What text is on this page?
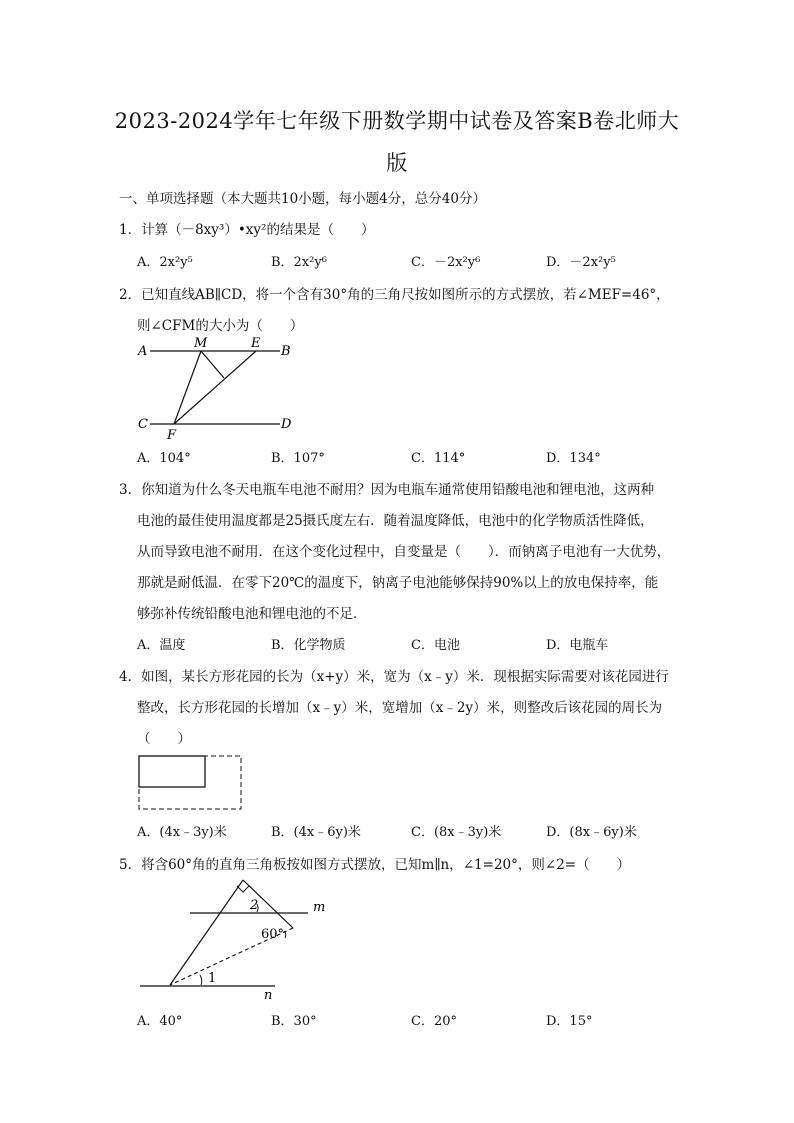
2023-2024学年七年级下册数学期中试卷及答案B卷北师大
版
一、单项选择题（本大题共10小题，每小题4分，总分40分）
1．计算（－8xy³）•xy²的结果是（　　）
A．2x²y⁵	B．2x²y⁶	C．－2x²y⁶	D．－2x²y⁵
2．已知直线AB∥CD，将一个含有30°角的三角尺按如图所示的方式摆放，若∠MEF=46°，
则∠CFM的大小为（　　）
A
M	E
B
C
F
D
A．104°	B．107°	C．114°	D．134°
3．你知道为什么冬天电瓶车电池不耐用？因为电瓶车通常使用铅酸电池和锂电池，这两种
电池的最佳使用温度都是25摄氏度左右．随着温度降低，电池中的化学物质活性降低，
从而导致电池不耐用．在这个变化过程中，自变量是（　　）．而钠离子电池有一大优势，
那就是耐低温．在零下20℃的温度下，钠离子电池能够保持90%以上的放电保持率，能
够弥补传统铅酸电池和锂电池的不足．
A．温度	B．化学物质	C．电池	D．电瓶车
4．如图，某长方形花园的长为（x+y）米，宽为（x﹣y）米．现根据实际需要对该花园进行
整改，长方形花园的长增加（x﹣y）米，宽增加（x﹣2y）米，则整改后该花园的周长为
（　　）
A．(4x﹣3y)米	B．(4x﹣6y)米	C．(8x﹣3y)米	D．(8x﹣6y)米
5．将含60°角的直角三角板按如图方式摆放，已知m∥n，∠1=20°，则∠2=（　　）
2
60°
1
m
n
A．40°	B．30°	C．20°	D．15°
